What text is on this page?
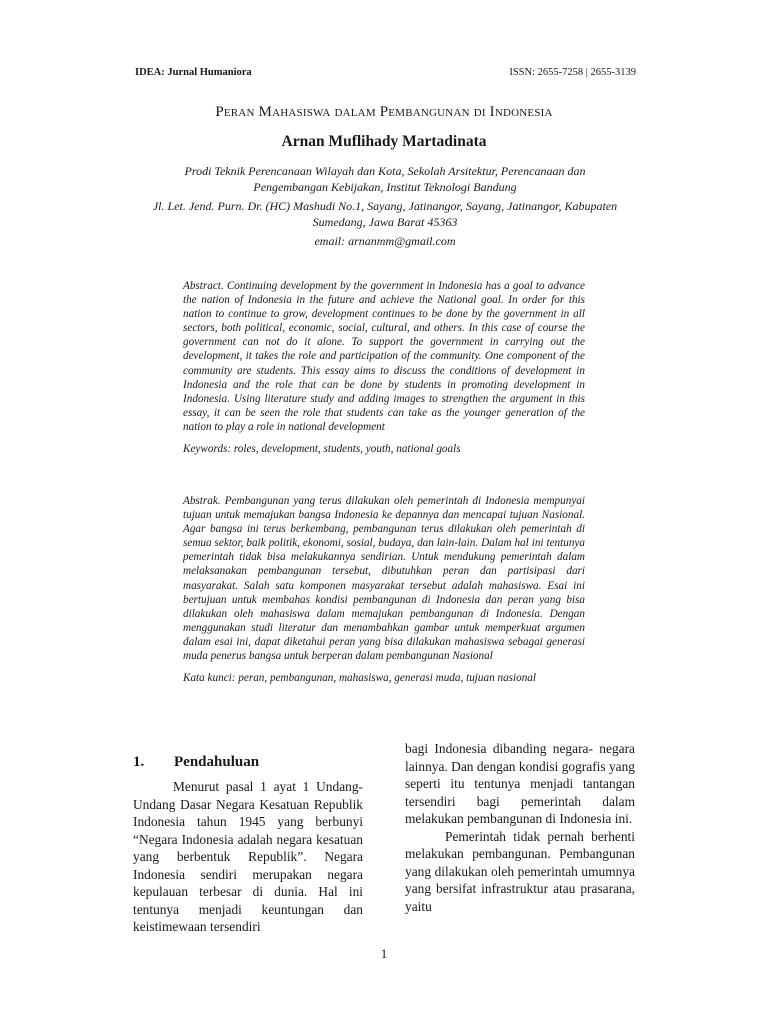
IDEA: Jurnal Humaniora	ISSN: 2655-7258 | 2655-3139
Peran Mahasiswa dalam Pembangunan di Indonesia
Arnan Muflihady Martadinata

Prodi Teknik Perencanaan Wilayah dan Kota, Sekolah Arsitektur, Perencanaan dan Pengembangan Kebijakan, Institut Teknologi Bandung

Jl. Let. Jend. Purn. Dr. (HC) Mashudi No.1, Sayang, Jatinangor, Sayang, Jatinangor, Kabupaten Sumedang, Jawa Barat 45363

email: arnanmm@gmail.com

Abstract. Continuing development by the government in Indonesia has a goal to advance the nation of Indonesia in the future and achieve the National goal. In order for this nation to continue to grow, development continues to be done by the government in all sectors, both political, economic, social, cultural, and others. In this case of course the government can not do it alone. To support the government in carrying out the development, it takes the role and participation of the community. One component of the community are students. This essay aims to discuss the conditions of development in Indonesia and the role that can be done by students in promoting development in Indonesia. Using literature study and adding images to strengthen the argument in this essay, it can be seen the role that students can take as the younger generation of the nation to play a role in national development

Keywords: roles, development, students, youth, national goals

Abstrak. Pembangunan yang terus dilakukan oleh pemerintah di Indonesia mempunyai tujuan untuk memajukan bangsa Indonesia ke depannya dan mencapai tujuan Nasional. Agar bangsa ini terus berkembang, pembangunan terus dilakukan oleh pemerintah di semua sektor, baik politik, ekonomi, sosial, budaya, dan lain-lain. Dalam hal ini tentunya pemerintah tidak bisa melakukannya sendirian. Untuk mendukung pemerintah dalam melaksanakan pembangunan tersebut, dibutuhkan peran dan partisipasi dari masyarakat. Salah satu komponen masyarakat tersebut adalah mahasiswa. Esai ini bertujuan untuk membahas kondisi pembangunan di Indonesia dan peran yang bisa dilakukan oleh mahasiswa dalam memajukan pembangunan di Indonesia. Dengan menggunakan studi literatur dan menambahkan gambar untuk memperkuat argumen dalam esai ini, dapat diketahui peran yang bisa dilakukan mahasiswa sebagai generasi muda penerus bangsa untuk berperan dalam pembangunan Nasional

Kata kunci: peran, pembangunan, mahasiswa, generasi muda, tujuan nasional

1. Pendahuluan

Menurut pasal 1 ayat 1 Undang-Undang Dasar Negara Kesatuan Republik Indonesia tahun 1945 yang berbunyi “Negara Indonesia adalah negara kesatuan yang berbentuk Republik”. Negara Indonesia sendiri merupakan negara kepulauan terbesar di dunia. Hal ini tentunya menjadi keuntungan dan keistimewaan tersendiri

bagi Indonesia dibanding negara- negara lainnya. Dan dengan kondisi gografis yang seperti itu tentunya menjadi tantangan tersendiri bagi pemerintah dalam melakukan pembangunan di Indonesia ini.

Pemerintah tidak pernah berhenti melakukan pembangunan. Pembangunan yang dilakukan oleh pemerintah umumnya yang bersifat infrastruktur atau prasarana, yaitu

1
